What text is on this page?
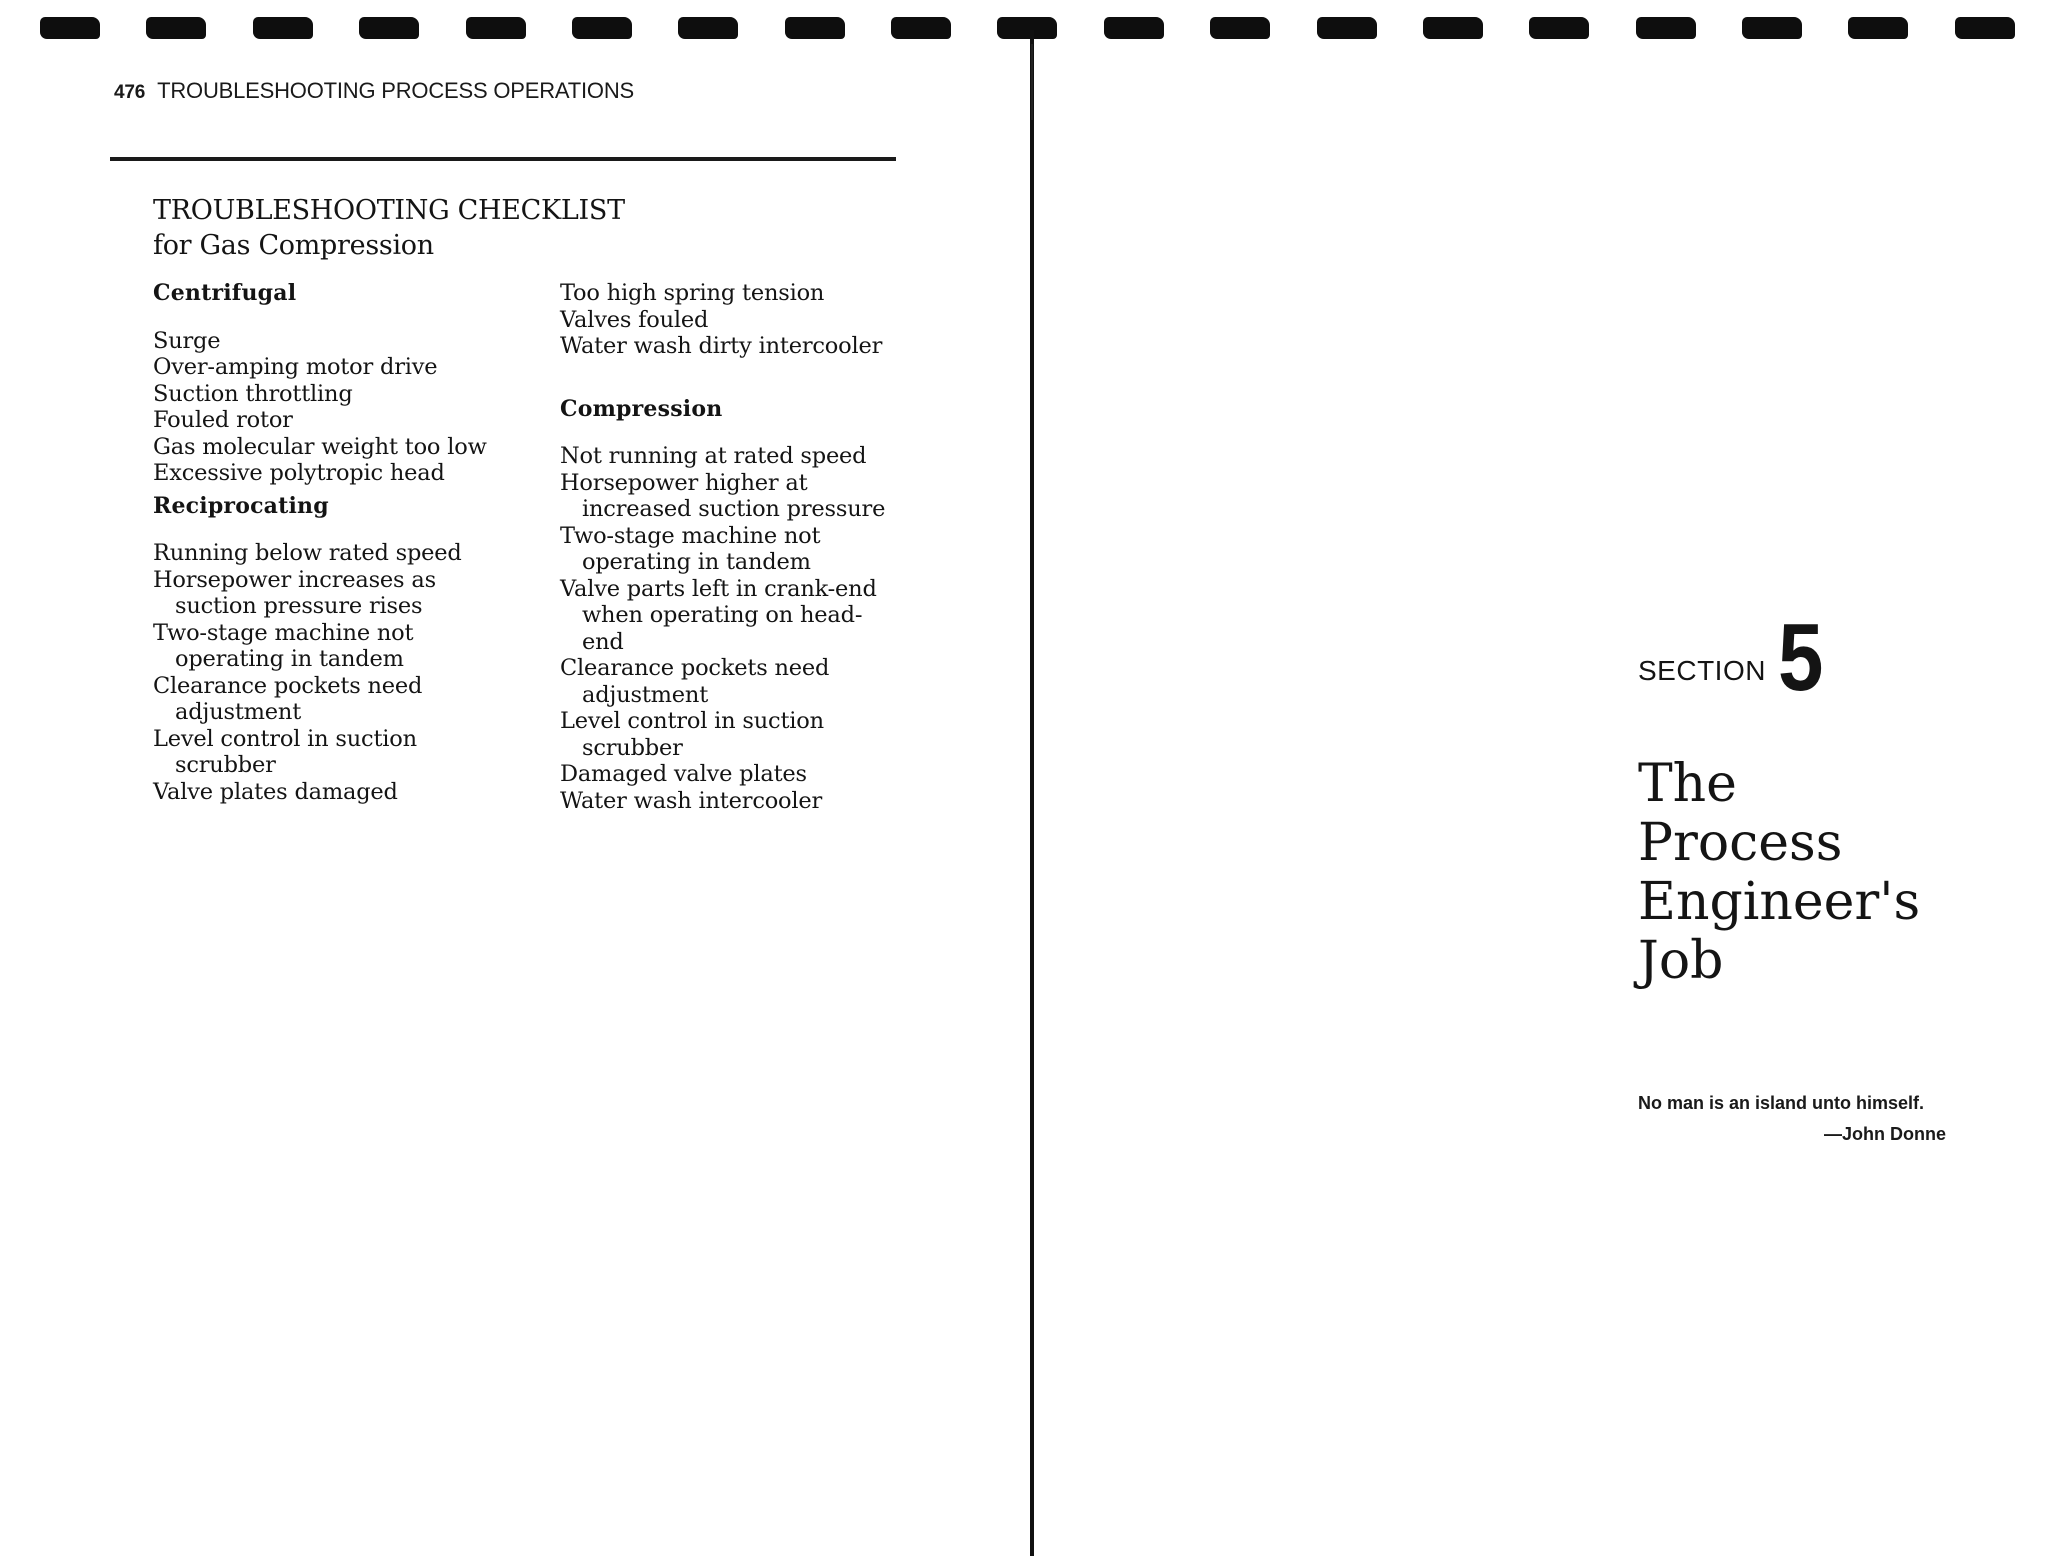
476 TROUBLESHOOTING PROCESS OPERATIONS
TROUBLESHOOTING CHECKLIST
for Gas Compression
Centrifugal
Surge
Over-amping motor drive
Suction throttling
Fouled rotor
Gas molecular weight too low
Excessive polytropic head
Reciprocating
Running below rated speed
Horsepower increases as suction pressure rises
Two-stage machine not operating in tandem
Clearance pockets need adjustment
Level control in suction scrubber
Valve plates damaged
Too high spring tension
Valves fouled
Water wash dirty intercooler
Compression
Not running at rated speed
Horsepower higher at increased suction pressure
Two-stage machine not operating in tandem
Valve parts left in crank-end when operating on head-end
Clearance pockets need adjustment
Level control in suction scrubber
Damaged valve plates
Water wash intercooler
SECTION 5
The
Process
Engineer's
Job
No man is an island unto himself.
—John Donne
